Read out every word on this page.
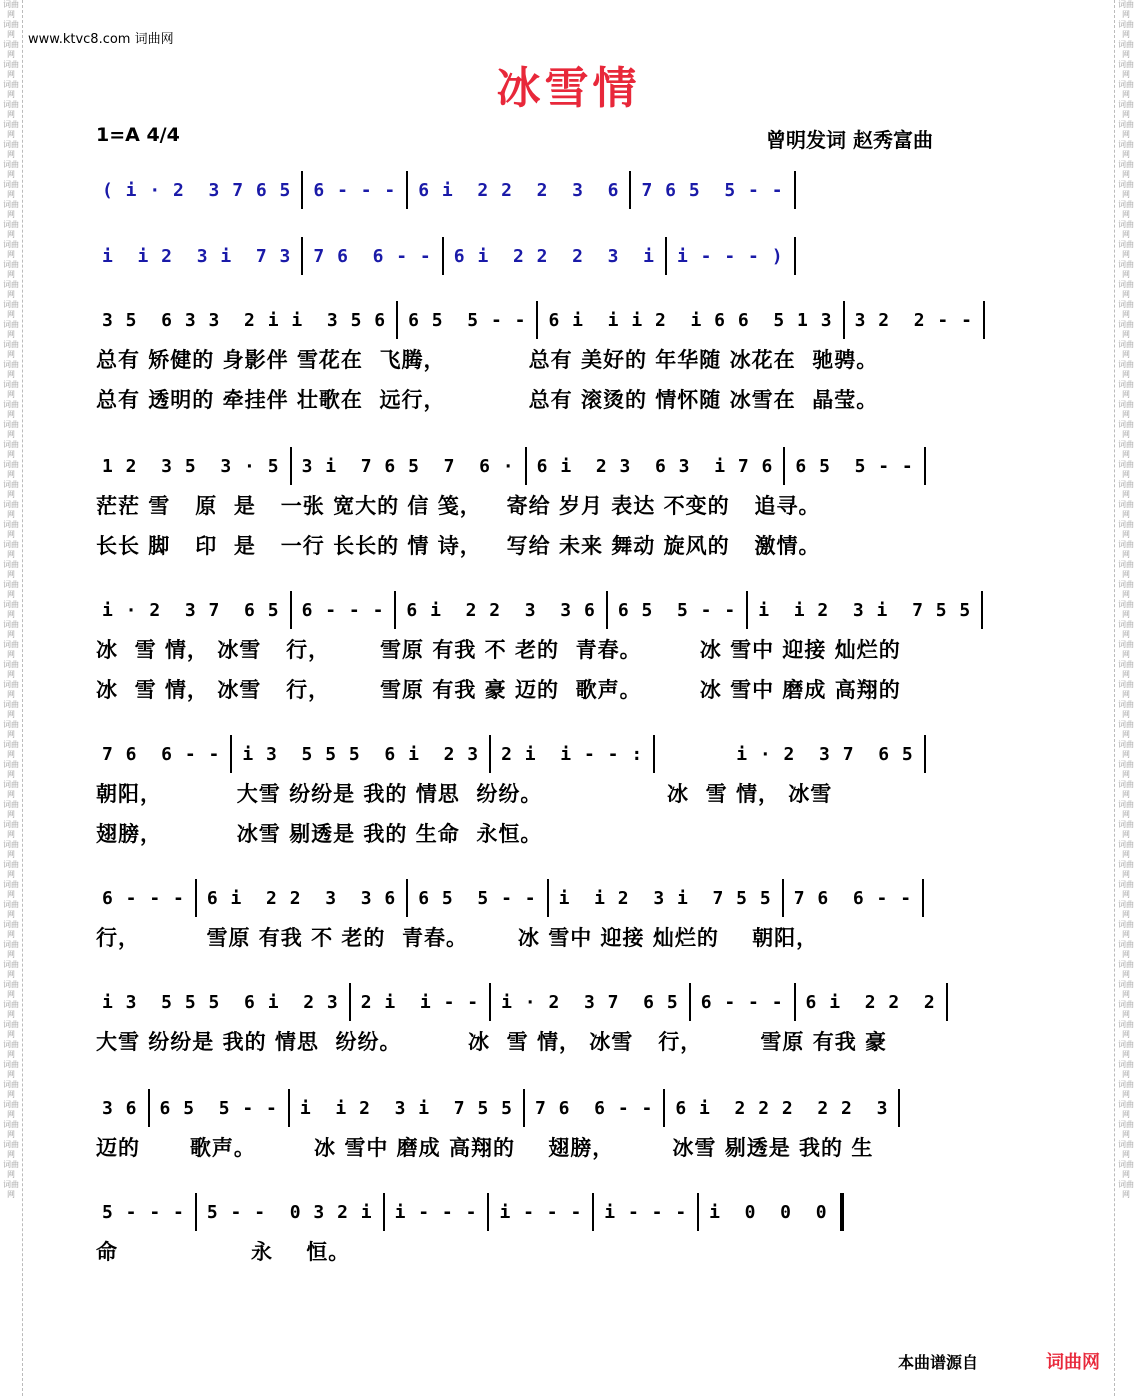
词曲网
词曲网
词曲网
词曲网
词曲网
词曲网
词曲网
词曲网
词曲网
词曲网
词曲网
词曲网
词曲网
词曲网
词曲网
词曲网
词曲网
词曲网
词曲网
词曲网
词曲网
词曲网
词曲网
词曲网
词曲网
词曲网
词曲网
词曲网
词曲网
词曲网
词曲网
词曲网
词曲网
词曲网
词曲网
词曲网
词曲网
词曲网
词曲网
词曲网
词曲网
词曲网
词曲网
词曲网
词曲网
词曲网
词曲网
词曲网
词曲网
词曲网
词曲网
词曲网
词曲网
词曲网
词曲网
词曲网
词曲网
词曲网
词曲网
词曲网
词曲网
词曲网
词曲网
词曲网
词曲网
词曲网
词曲网
词曲网
词曲网
词曲网
词曲网
词曲网
词曲网
词曲网
词曲网
词曲网
词曲网
词曲网
词曲网
词曲网
词曲网
词曲网
词曲网
词曲网
词曲网
词曲网
词曲网
词曲网
词曲网
词曲网
词曲网
词曲网
词曲网
词曲网
词曲网
词曲网
词曲网
词曲网
词曲网
词曲网
词曲网
词曲网
词曲网
词曲网
词曲网
词曲网
词曲网
词曲网
词曲网
词曲网
词曲网
词曲网
词曲网
词曲网
词曲网
词曲网
词曲网
词曲网
词曲网
词曲网
www.ktvc8.com 词曲网
冰雪情
1=A 4/4	曾明发词 赵秀富曲
( i · 2  3 7 6 5	6 - - -	6 i  2 2  2  3  6	7 6 5  5 - -
i  i 2  3 i  7 3	7 6  6 - -	6 i  2 2  2  3  i	i - - - )
3 5  6 3 3  2 i i  3 5 6	6 5  5 - -	6 i  i i 2  i 6 6  5 1 3	3 2  2 - -
总有 矫健的 身影伴 雪花在  飞腾，          总有 美好的 年华随 冰花在  驰骋。
总有 透明的 牵挂伴 壮歌在  远行，          总有 滚烫的 情怀随 冰雪在  晶莹。
1 2  3 5  3 · 5	3 i  7 6 5  7  6 ·	6 i  2 3  6 3  i 7 6	6 5  5 - -
茫茫 雪   原  是   一张 宽大的 信 笺，   寄给 岁月 表达 不变的   追寻。
长长 脚   印  是   一行 长长的 情 诗，   写给 未来 舞动 旋风的   激情。
i · 2  3 7  6 5	6 - - -	6 i  2 2  3  3 6	6 5  5 - -	i  i 2  3 i  7 5 5
冰  雪 情， 冰雪   行，      雪原 有我 不 老的  青春。       冰 雪中 迎接 灿烂的
冰  雪 情， 冰雪   行，      雪原 有我 豪 迈的  歌声。       冰 雪中 磨成 高翔的
7 6  6 - -	i 3  5 5 5  6 i  2 3	2 i  i - - :	i · 2  3 7  6 5
朝阳，         大雪 纷纷是 我的 情思  纷纷。               冰  雪 情， 冰雪
翅膀，         冰雪 剔透是 我的 生命  永恒。
6 - - -	6 i  2 2  3  3 6	6 5  5 - -	i  i 2  3 i  7 5 5	7 6  6 - -
行，        雪原 有我 不 老的  青春。      冰 雪中 迎接 灿烂的    朝阳，
i 3  5 5 5  6 i  2 3	2 i  i - -	i · 2  3 7  6 5	6 - - -	6 i  2 2  2
大雪 纷纷是 我的 情思  纷纷。        冰  雪 情， 冰雪   行，       雪原 有我 豪
3 6	6 5  5 - -	i  i 2  3 i  7 5 5	7 6  6 - -	6 i  2 2 2  2 2  3
迈的      歌声。       冰 雪中 磨成 高翔的    翅膀，       冰雪 剔透是 我的 生
5 - - -	5 - -  0 3 2 i	i - - -	i - - -	i - - -	i  0  0  0
命                永    恒。
本曲谱源自	词曲网
